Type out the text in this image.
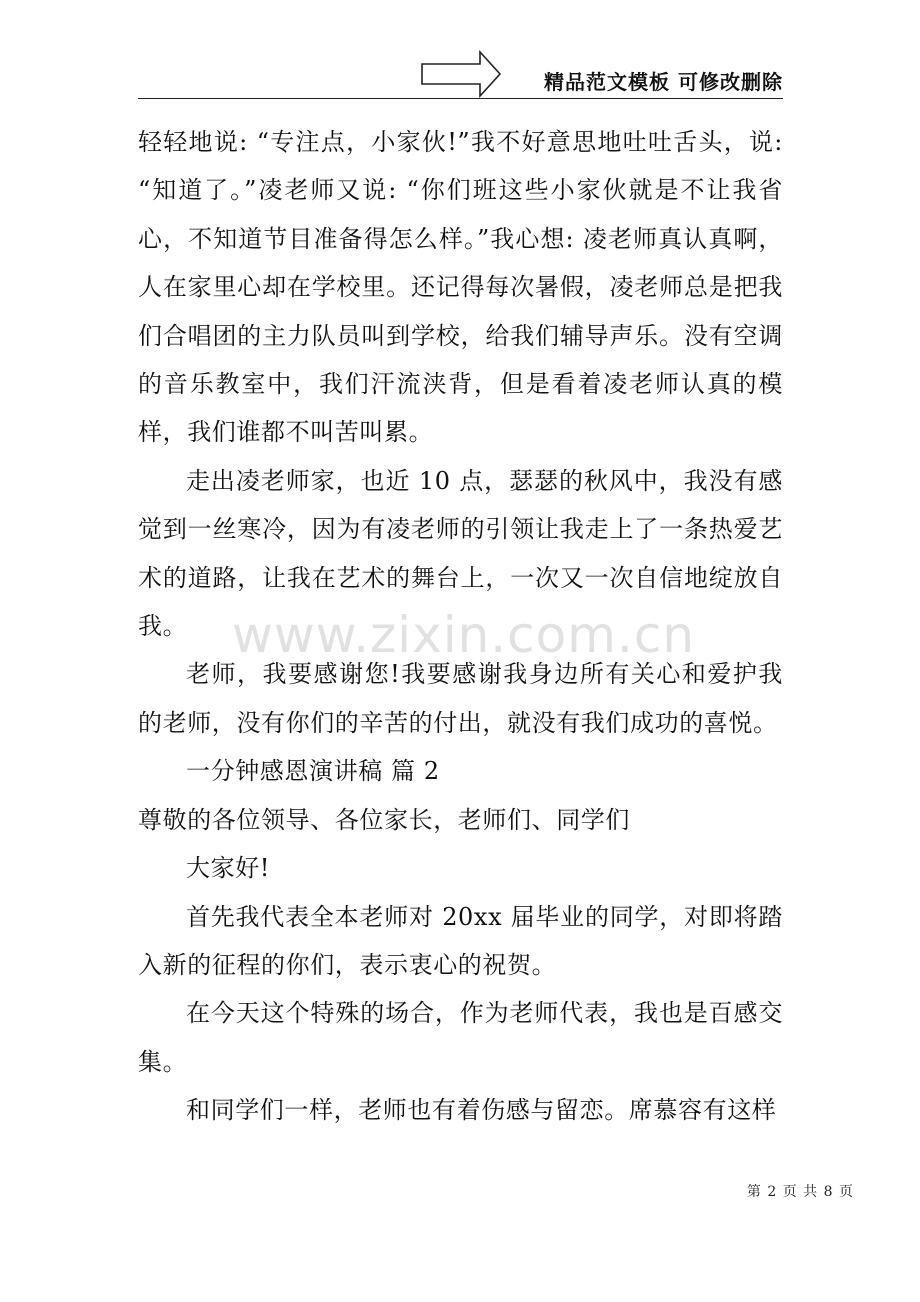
精品范文模板 可修改删除

轻轻地说: “专注点，小家伙!”我不好意思地吐吐舌头，说: “知道了。”凌老师又说: “你们班这些小家伙就是不让我省心，不知道节目准备得怎么样。”我心想: 凌老师真认真啊，人在家里心却在学校里。还记得每次暑假，凌老师总是把我们合唱团的主力队员叫到学校，给我们辅导声乐。没有空调的音乐教室中，我们汗流浃背，但是看着凌老师认真的模样，我们谁都不叫苦叫累。

走出凌老师家，也近 10 点，瑟瑟的秋风中，我没有感觉到一丝寒冷，因为有凌老师的引领让我走上了一条热爱艺术的道路，让我在艺术的舞台上，一次又一次自信地绽放自我。

老师，我要感谢您!我要感谢我身边所有关心和爱护我的老师，没有你们的辛苦的付出，就没有我们成功的喜悦。

一分钟感恩演讲稿 篇 2

尊敬的各位领导、各位家长，老师们、同学们

大家好!

首先我代表全本老师对 20xx 届毕业的同学，对即将踏入新的征程的你们，表示衷心的祝贺。

在今天这个特殊的场合，作为老师代表，我也是百感交集。

和同学们一样，老师也有着伤感与留恋。席慕容有这样

www.zixin.com.cn
第 2 页 共 8 页
